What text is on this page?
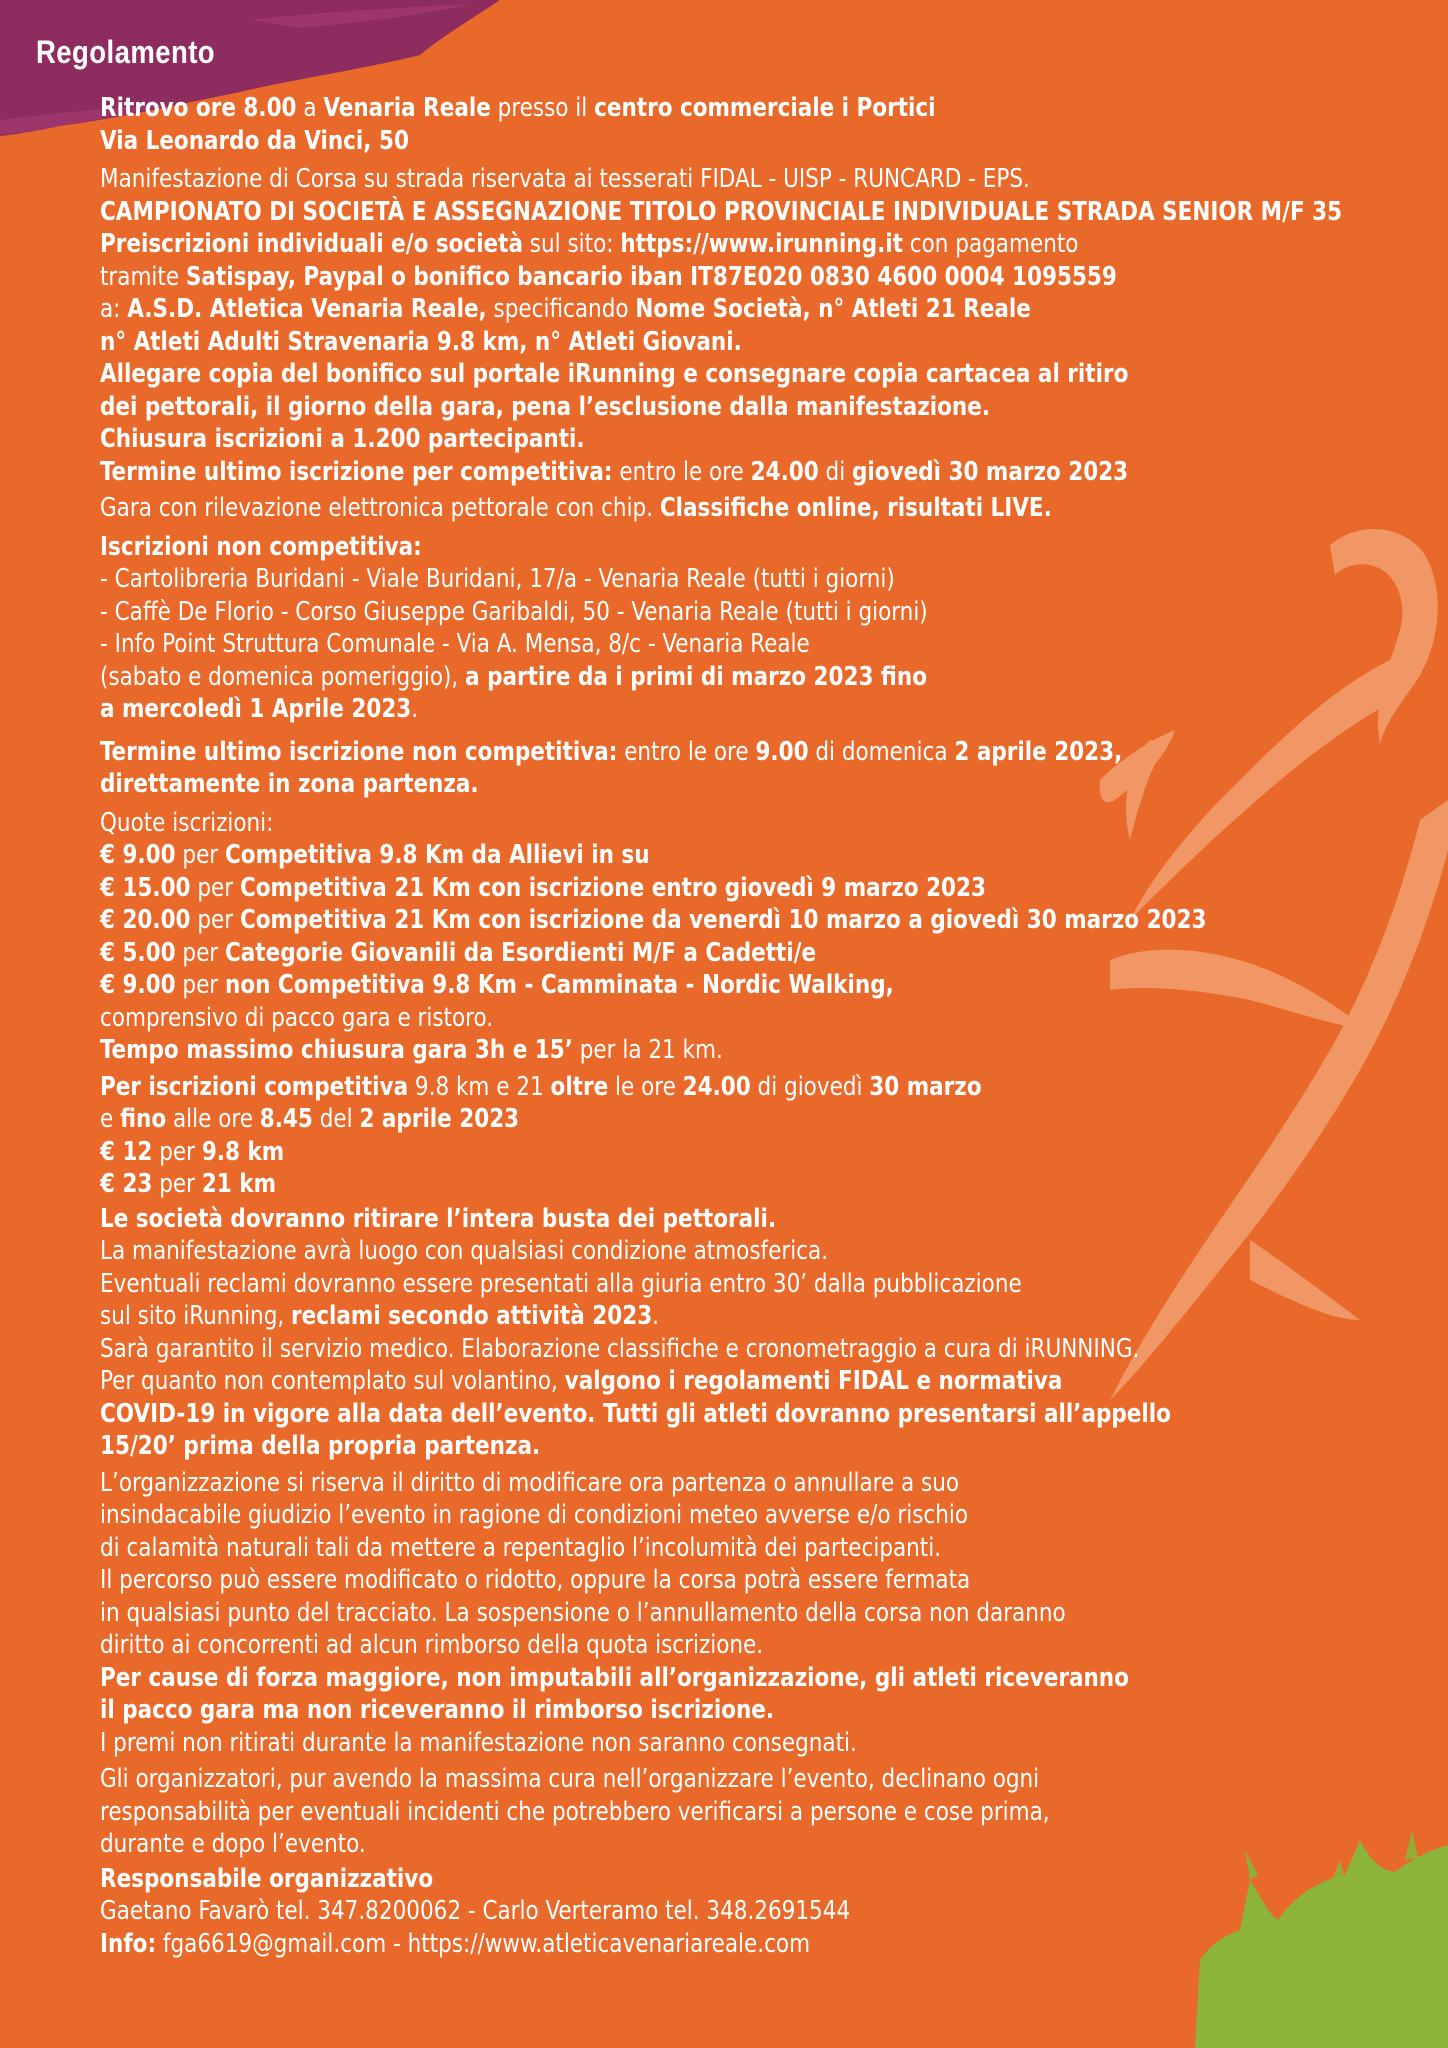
Regolamento

Ritrovo ore 8.00 a Venaria Reale presso il centro commerciale i Portici

Via Leonardo da Vinci, 50

Manifestazione di Corsa su strada riservata ai tesserati FIDAL - UISP - RUNCARD - EPS.

CAMPIONATO DI SOCIETÀ E ASSEGNAZIONE TITOLO PROVINCIALE INDIVIDUALE STRADA SENIOR M/F 35

Preiscrizioni individuali e/o società sul sito: https://www.irunning.it con pagamento

tramite Satispay, Paypal o bonifico bancario iban IT87E020 0830 4600 0004 1095559

a: A.S.D. Atletica Venaria Reale, specificando Nome Società, n° Atleti 21 Reale

n° Atleti Adulti Stravenaria 9.8 km, n° Atleti Giovani.

Allegare copia del bonifico sul portale iRunning e consegnare copia cartacea al ritiro

dei pettorali, il giorno della gara, pena l’esclusione dalla manifestazione.

Chiusura iscrizioni a 1.200 partecipanti.

Termine ultimo iscrizione per competitiva: entro le ore 24.00 di giovedì 30 marzo 2023

Gara con rilevazione elettronica pettorale con chip. Classifiche online, risultati LIVE.

Iscrizioni non competitiva:

- Cartolibreria Buridani - Viale Buridani, 17/a - Venaria Reale (tutti i giorni)

- Caffè De Florio - Corso Giuseppe Garibaldi, 50 - Venaria Reale (tutti i giorni)

- Info Point Struttura Comunale - Via A. Mensa, 8/c - Venaria Reale

(sabato e domenica pomeriggio), a partire da i primi di marzo 2023 fino

a mercoledì 1 Aprile 2023.

Termine ultimo iscrizione non competitiva: entro le ore 9.00 di domenica 2 aprile 2023,

direttamente in zona partenza.

Quote iscrizioni:

€ 9.00 per Competitiva 9.8 Km da Allievi in su

€ 15.00 per Competitiva 21 Km con iscrizione entro giovedì 9 marzo 2023

€ 20.00 per Competitiva 21 Km con iscrizione da venerdì 10 marzo a giovedì 30 marzo 2023

€ 5.00 per Categorie Giovanili da Esordienti M/F a Cadetti/e

€ 9.00 per non Competitiva 9.8 Km - Camminata - Nordic Walking,

comprensivo di pacco gara e ristoro.

Tempo massimo chiusura gara 3h e 15’ per la 21 km.

Per iscrizioni competitiva 9.8 km e 21 oltre le ore 24.00 di giovedì 30 marzo

e fino alle ore 8.45 del 2 aprile 2023

€ 12 per 9.8 km

€ 23 per 21 km

Le società dovranno ritirare l’intera busta dei pettorali.

La manifestazione avrà luogo con qualsiasi condizione atmosferica.

Eventuali reclami dovranno essere presentati alla giuria entro 30’ dalla pubblicazione

sul sito iRunning, reclami secondo attività 2023.

Sarà garantito il servizio medico. Elaborazione classifiche e cronometraggio a cura di iRUNNING.

Per quanto non contemplato sul volantino, valgono i regolamenti FIDAL e normativa

COVID-19 in vigore alla data dell’evento. Tutti gli atleti dovranno presentarsi all’appello

15/20’ prima della propria partenza.

L’organizzazione si riserva il diritto di modificare ora partenza o annullare a suo

insindacabile giudizio l’evento in ragione di condizioni meteo avverse e/o rischio

di calamità naturali tali da mettere a repentaglio l’incolumità dei partecipanti.

Il percorso può essere modificato o ridotto, oppure la corsa potrà essere fermata

in qualsiasi punto del tracciato. La sospensione o l’annullamento della corsa non daranno

diritto ai concorrenti ad alcun rimborso della quota iscrizione.

Per cause di forza maggiore, non imputabili all’organizzazione, gli atleti riceveranno

il pacco gara ma non riceveranno il rimborso iscrizione.

I premi non ritirati durante la manifestazione non saranno consegnati.

Gli organizzatori, pur avendo la massima cura nell’organizzare l’evento, declinano ogni

responsabilità per eventuali incidenti che potrebbero verificarsi a persone e cose prima,

durante e dopo l’evento.

Responsabile organizzativo

Gaetano Favarò tel. 347.8200062 - Carlo Verteramo tel. 348.2691544

Info: fga6619@gmail.com - https://www.atleticavenariareale.com
